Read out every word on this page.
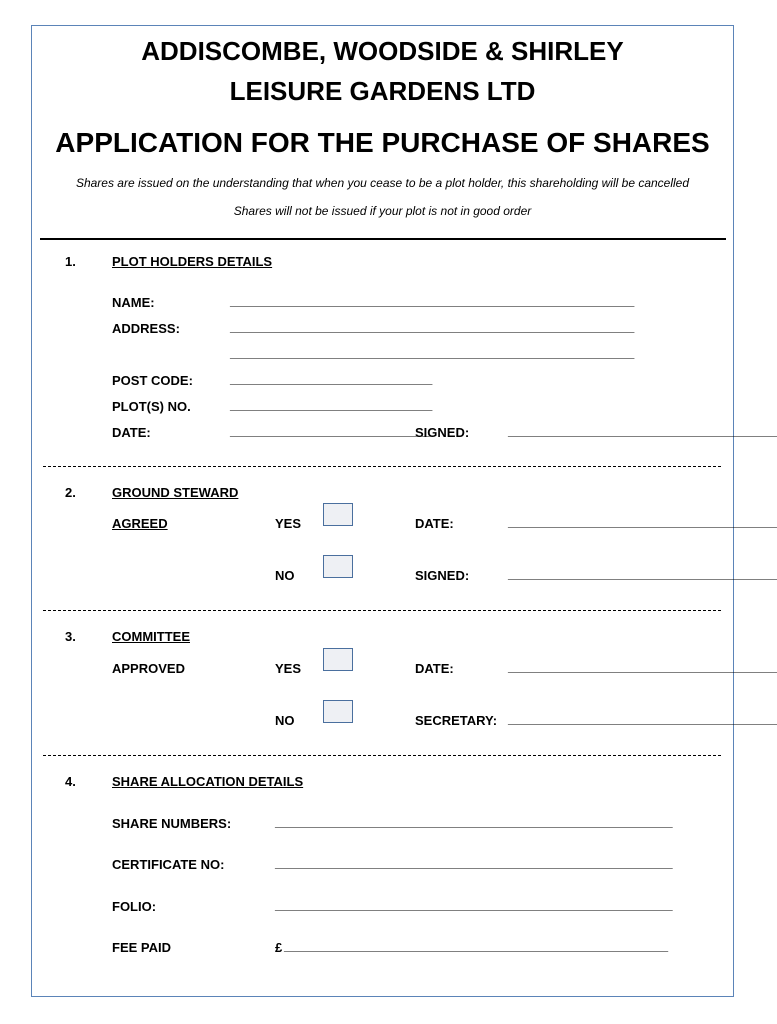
ADDISCOMBE, WOODSIDE & SHIRLEY
LEISURE GARDENS LTD
APPLICATION FOR THE PURCHASE OF SHARES
Shares are issued on the understanding that when you cease to be a plot holder, this shareholding will be cancelled
Shares will not be issued if your plot is not in good order
1.	PLOT HOLDERS DETAILS
NAME:	____________________________________________________________
ADDRESS:	____________________________________________________________
____________________________________________________________
POST CODE:	______________________________
PLOT(S) NO.	______________________________
DATE:	______________________________
SIGNED:	________________________________________
2.	GROUND STEWARD
AGREED	YES	DATE:	________________________________________
NO	SIGNED:	________________________________________
3.	COMMITTEE
APPROVED	YES	DATE:	________________________________________
NO	SECRETARY: ________________________________________
4.	SHARE ALLOCATION DETAILS
SHARE NUMBERS:	___________________________________________________________
CERTIFICATE NO:	___________________________________________________________
FOLIO:	___________________________________________________________
FEE PAID	£ _________________________________________________________
